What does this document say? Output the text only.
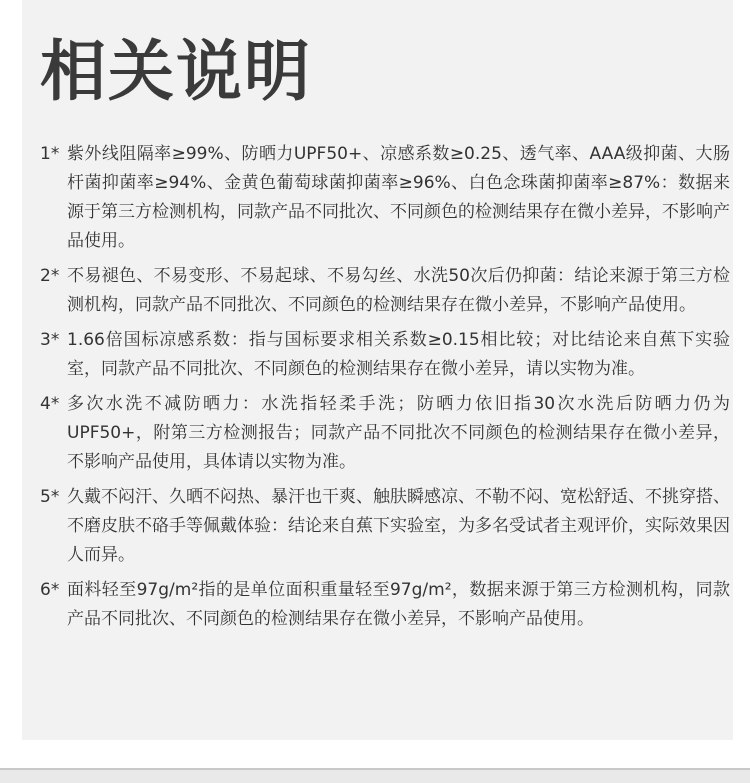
相关说明
1* 紫外线阻隔率≥99%、防晒力UPF50+、凉感系数≥0.25、透气率、AAA级抑菌、大肠杆菌抑菌率≥94%、金黄色葡萄球菌抑菌率≥96%、白色念珠菌抑菌率≥87%：数据来源于第三方检测机构，同款产品不同批次、不同颜色的检测结果存在微小差异，不影响产品使用。
2* 不易褪色、不易变形、不易起球、不易勾丝、水洗50次后仍抑菌：结论来源于第三方检测机构，同款产品不同批次、不同颜色的检测结果存在微小差异，不影响产品使用。
3* 1.66倍国标凉感系数：指与国标要求相关系数≥0.15相比较；对比结论来自蕉下实验室，同款产品不同批次、不同颜色的检测结果存在微小差异，请以实物为准。
4* 多次水洗不减防晒力：水洗指轻柔手洗；防晒力依旧指30次水洗后防晒力仍为UPF50+，附第三方检测报告；同款产品不同批次不同颜色的检测结果存在微小差异，不影响产品使用，具体请以实物为准。
5* 久戴不闷汗、久晒不闷热、暴汗也干爽、触肤瞬感凉、不勒不闷、宽松舒适、不挑穿搭、不磨皮肤不硌手等佩戴体验：结论来自蕉下实验室，为多名受试者主观评价，实际效果因人而异。
6* 面料轻至97g/m²指的是单位面积重量轻至97g/m²，数据来源于第三方检测机构，同款产品不同批次、不同颜色的检测结果存在微小差异，不影响产品使用。
